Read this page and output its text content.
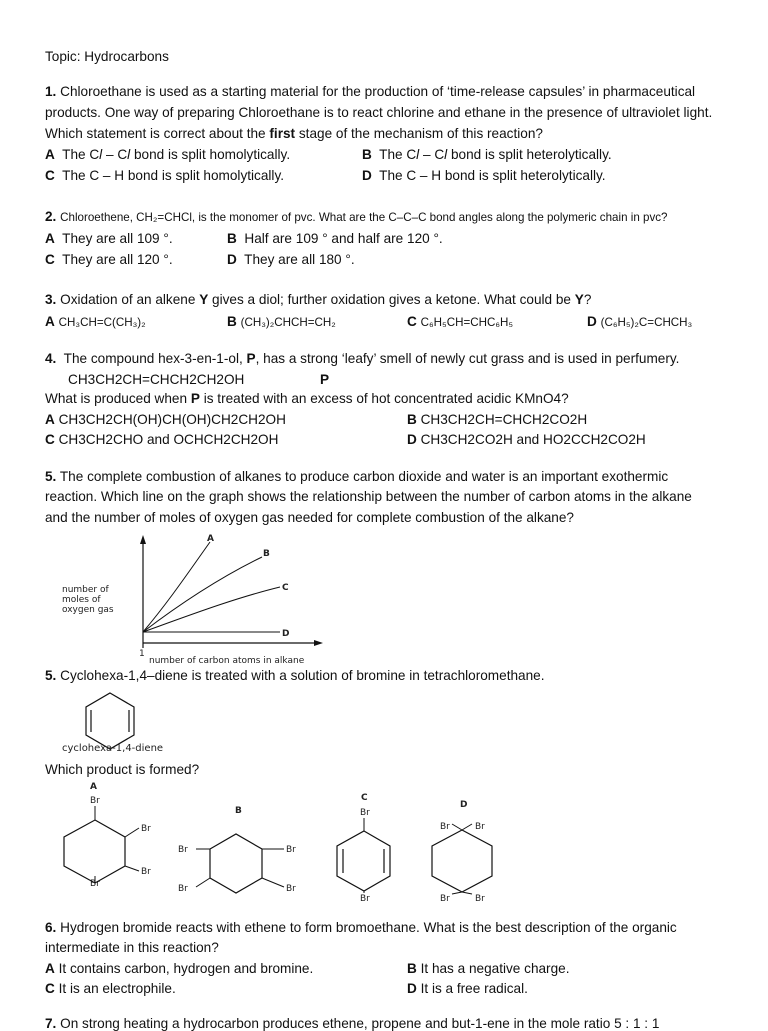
Topic: Hydrocarbons
1. Chloroethane is used as a starting material for the production of ‘time-release capsules’ in pharmaceutical
products. One way of preparing Chloroethane is to react chlorine and ethane in the presence of ultraviolet light.
Which statement is correct about the first stage of the mechanism of this reaction?
A The Cl – Cl bond is split homolytically.	B The Cl – Cl bond is split heterolytically.
C The C – H bond is split homolytically.	D The C – H bond is split heterolytically.
2. Chloroethene, CH₂=CHCl, is the monomer of pvc. What are the C–C–C bond angles along the polymeric chain in pvc?
A They are all 109 °.	B Half are 109 ° and half are 120 °.
C They are all 120 °.	D They are all 180 °.
3. Oxidation of an alkene Y gives a diol; further oxidation gives a ketone. What could be Y?
A CH₃CH=C(CH₃)₂	B (CH₃)₂CHCH=CH₂	C C₆H₅CH=CHC₆H₅	D (C₆H₅)₂C=CHCH₃
4. The compound hex-3-en-1-ol, P, has a strong ‘leafy’ smell of newly cut grass and is used in perfumery.
CH3CH2CH=CHCH2CH2OH	P
What is produced when P is treated with an excess of hot concentrated acidic KMnO4?
A CH3CH2CH(OH)CH(OH)CH2CH2OH	B CH3CH2CH=CHCH2CO2H
C CH3CH2CHO and OCHCH2CH2OH	D CH3CH2CO2H and HO2CCH2CO2H
5. The complete combustion of alkanes to produce carbon dioxide and water is an important exothermic
reaction. Which line on the graph shows the relationship between the number of carbon atoms in the alkane
and the number of moles of oxygen gas needed for complete combustion of the alkane?
A
B
C
D
number of
moles of
oxygen gas
1
number of carbon atoms in alkane
5. Cyclohexa-1,4–diene is treated with a solution of bromine in tetrachloromethane.
cyclohexa-1,4-diene
Which product is formed?
A
Br
Br
Br
Br
B
Br	Br
Br	Br
C
Br
Br
D
Br	Br
Br	Br
6. Hydrogen bromide reacts with ethene to form bromoethane. What is the best description of the organic
intermediate in this reaction?
A It contains carbon, hydrogen and bromine.	B It has a negative charge.
C It is an electrophile.	D It is a free radical.
7. On strong heating a hydrocarbon produces ethene, propene and but-1-ene in the mole ratio 5 : 1 : 1
